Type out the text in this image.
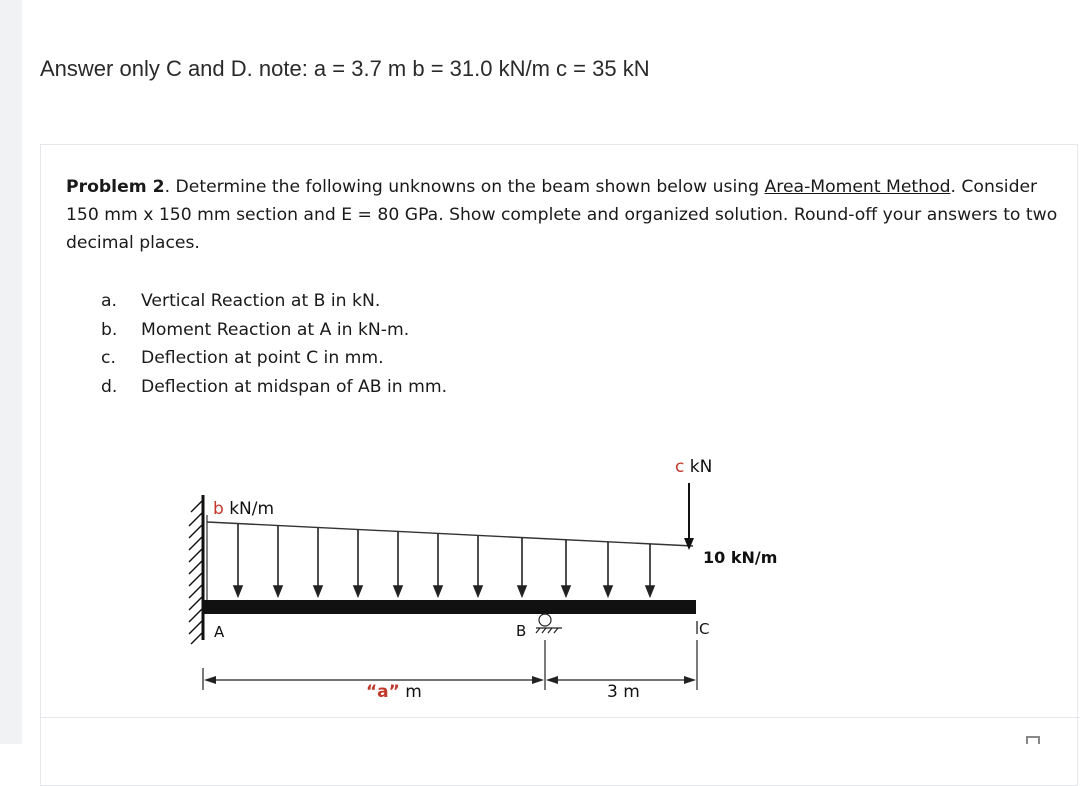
Answer only C and D. note: a = 3.7 m b = 31.0 kN/m c = 35 kN
Problem 2. Determine the following unknowns on the beam shown below using Area-Moment Method. Consider 150 mm x 150 mm section and E = 80 GPa. Show complete and organized solution. Round-off your answers to two decimal places.
a.	Vertical Reaction at B in kN.
b.	Moment Reaction at A in kN-m.
c.	Deflection at point C in mm.
d.	Deflection at midspan of AB in mm.
A	B	C
b kN/m
c kN
10 kN/m
“a” m	3 m
